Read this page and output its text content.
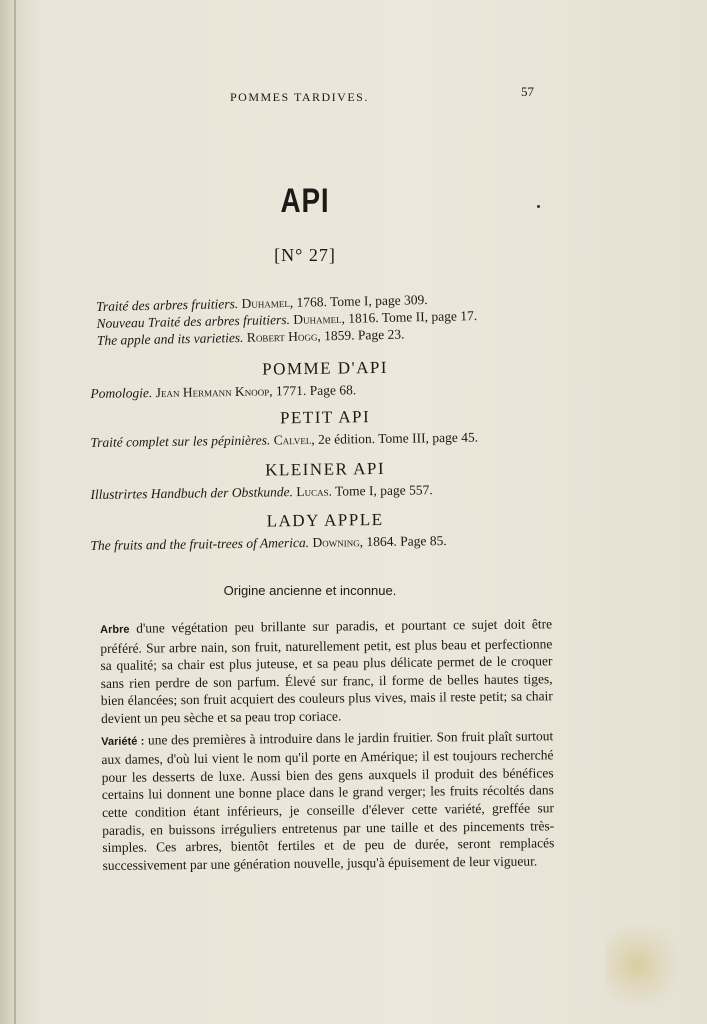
POMMES TARDIVES.	57
API
[N° 27]
Traité des arbres fruitiers. Duhamel, 1768. Tome I, page 309.
Nouveau Traité des arbres fruitiers. Duhamel, 1816. Tome II, page 17.
The apple and its varieties. Robert Hogg, 1859. Page 23.
POMME D'API
Pomologie. Jean Hermann Knoop, 1771. Page 68.
PETIT API
Traité complet sur les pépinières. Calvel, 2e édition. Tome III, page 45.
KLEINER API
Illustrirtes Handbuch der Obstkunde. Lucas. Tome I, page 557.
LADY APPLE
The fruits and the fruit-trees of America. Downing, 1864. Page 85.
Origine ancienne et inconnue.

Arbre d'une végétation peu brillante sur paradis, et pourtant ce sujet doit être préféré. Sur arbre nain, son fruit, naturellement petit, est plus beau et perfectionne sa qualité; sa chair est plus juteuse, et sa peau plus délicate permet de le croquer sans rien perdre de son parfum. Élevé sur franc, il forme de belles hautes tiges, bien élancées; son fruit acquiert des couleurs plus vives, mais il reste petit; sa chair devient un peu sèche et sa peau trop coriace.

Variété : une des premières à introduire dans le jardin fruitier. Son fruit plaît surtout aux dames, d'où lui vient le nom qu'il porte en Amérique; il est toujours recherché pour les desserts de luxe. Aussi bien des gens auxquels il produit des bénéfices certains lui donnent une bonne place dans le grand verger; les fruits récoltés dans cette condition étant inférieurs, je conseille d'élever cette variété, greffée sur paradis, en buissons irréguliers entretenus par une taille et des pincements très-simples. Ces arbres, bientôt fertiles et de peu de durée, seront remplacés successivement par une génération nouvelle, jusqu'à épuisement de leur vigueur.
